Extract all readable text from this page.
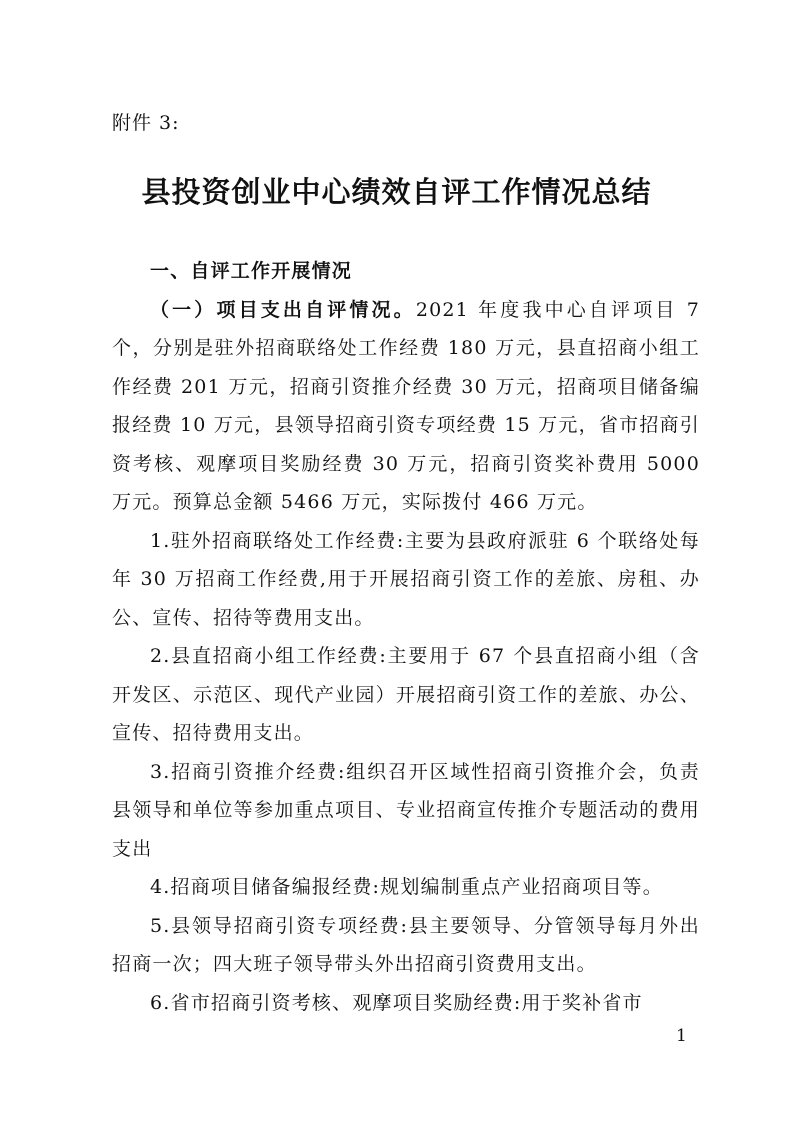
附件 3:
县投资创业中心绩效自评工作情况总结

一、自评工作开展情况

（一）项目支出自评情况。2021 年度我中心自评项目 7 个，分别是驻外招商联络处工作经费 180 万元，县直招商小组工作经费 201 万元，招商引资推介经费 30 万元，招商项目储备编报经费 10 万元，县领导招商引资专项经费 15 万元，省市招商引资考核、观摩项目奖励经费 30 万元，招商引资奖补费用 5000 万元。预算总金额 5466 万元，实际拨付 466 万元。

1.驻外招商联络处工作经费:主要为县政府派驻 6 个联络处每年 30 万招商工作经费,用于开展招商引资工作的差旅、房租、办公、宣传、招待等费用支出。

2.县直招商小组工作经费:主要用于 67 个县直招商小组（含开发区、示范区、现代产业园）开展招商引资工作的差旅、办公、宣传、招待费用支出。

3.招商引资推介经费:组织召开区域性招商引资推介会，负责县领导和单位等参加重点项目、专业招商宣传推介专题活动的费用支出

4.招商项目储备编报经费:规划编制重点产业招商项目等。

5.县领导招商引资专项经费:县主要领导、分管领导每月外出招商一次；四大班子领导带头外出招商引资费用支出。

6.省市招商引资考核、观摩项目奖励经费:用于奖补省市

1
